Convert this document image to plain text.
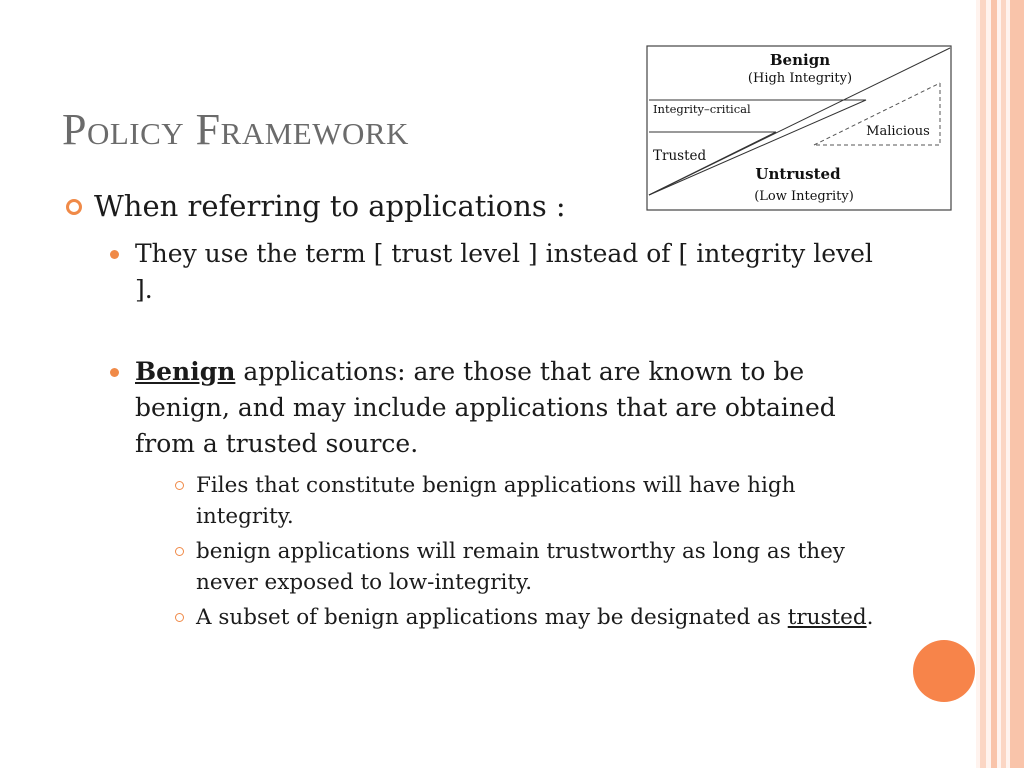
Policy Framework
Benign
(High Integrity)
Integrity–critical
Malicious
Trusted
Untrusted
(Low Integrity)

When referring to applications :

They use the term [ trust level ] instead of [ integrity level ].
Benign applications: are those that are known to be benign, and may include applications that are obtained from a trusted source.
Files that constitute benign applications will have high integrity.
benign applications will remain trustworthy as long as they never exposed to low-integrity.
A subset of benign applications may be designated as trusted.
